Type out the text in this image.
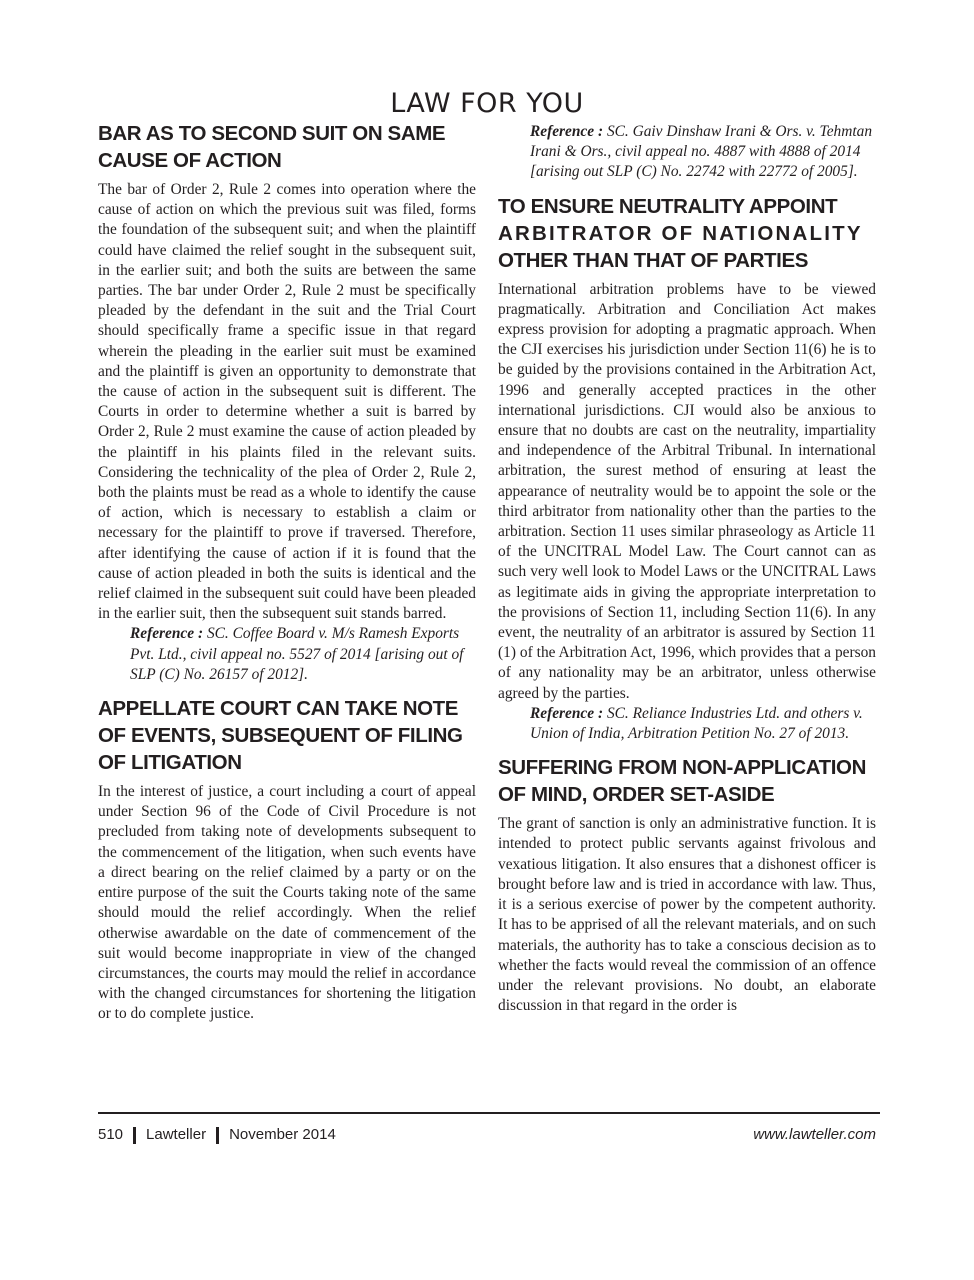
LAW FOR YOU
BAR AS TO SECOND SUIT ON SAME
CAUSE OF ACTION

The bar of Order 2, Rule 2 comes into operation where the cause of action on which the previous suit was filed, forms the foundation of the subsequent suit; and when the plaintiff could have claimed the relief sought in the subsequent suit, in the earlier suit; and both the suits are between the same parties. The bar under Order 2, Rule 2 must be specifically pleaded by the defendant in the suit and the Trial Court should specifically frame a specific issue in that regard wherein the pleading in the earlier suit must be examined and the plaintiff is given an opportunity to demonstrate that the cause of action in the subsequent suit is different. The Courts in order to determine whether a suit is barred by Order 2, Rule 2 must examine the cause of action pleaded by the plaintiff in his plaints filed in the relevant suits. Considering the technicality of the plea of Order 2, Rule 2, both the plaints must be read as a whole to identify the cause of action, which is necessary to establish a claim or necessary for the plaintiff to prove if traversed. Therefore, after identifying the cause of action if it is found that the cause of action pleaded in both the suits is identical and the relief claimed in the subsequent suit could have been pleaded in the earlier suit, then the subsequent suit stands barred.

Reference : SC. Coffee Board v. M/s Ramesh Exports Pvt. Ltd., civil appeal no. 5527 of 2014 [arising out of SLP (C) No. 26157 of 2012].

APPELLATE COURT CAN TAKE NOTE
OF EVENTS, SUBSEQUENT OF FILING
OF LITIGATION

In the interest of justice, a court including a court of appeal under Section 96 of the Code of Civil Procedure is not precluded from taking note of developments subsequent to the commencement of the litigation, when such events have a direct bearing on the relief claimed by a party or on the entire purpose of the suit the Courts taking note of the same should mould the relief accordingly. When the relief otherwise awardable on the date of commencement of the suit would become inappropriate in view of the changed circumstances, the courts may mould the relief in accordance with the changed circumstances for shortening the litigation or to do complete justice.

Reference : SC. Gaiv Dinshaw Irani & Ors. v. Tehmtan Irani & Ors., civil appeal no. 4887 with 4888 of 2014 [arising out SLP (C) No. 22742 with 22772 of 2005].

TO ENSURE NEUTRALITY APPOINT
ARBITRATOR OF NATIONALITY
OTHER THAN THAT OF PARTIES

International arbitration problems have to be viewed pragmatically. Arbitration and Conciliation Act makes express provision for adopting a pragmatic approach. When the CJI exercises his jurisdiction under Section 11(6) he is to be guided by the provisions contained in the Arbitration Act, 1996 and generally accepted practices in the other international jurisdictions. CJI would also be anxious to ensure that no doubts are cast on the neutrality, impartiality and independence of the Arbitral Tribunal. In international arbitration, the surest method of ensuring at least the appearance of neutrality would be to appoint the sole or the third arbitrator from nationality other than the parties to the arbitration. Section 11 uses similar phraseology as Article 11 of the UNCITRAL Model Law. The Court cannot can as such very well look to Model Laws or the UNCITRAL Laws as legitimate aids in giving the appropriate interpretation to the provisions of Section 11, including Section 11(6). In any event, the neutrality of an arbitrator is assured by Section 11 (1) of the Arbitration Act, 1996, which provides that a person of any nationality may be an arbitrator, unless otherwise agreed by the parties.

Reference : SC. Reliance Industries Ltd. and others v. Union of India, Arbitration Petition No. 27 of 2013.

SUFFERING FROM NON-APPLICATION
OF MIND, ORDER SET-ASIDE

The grant of sanction is only an administrative function. It is intended to protect public servants against frivolous and vexatious litigation. It also ensures that a dishonest officer is brought before law and is tried in accordance with law. Thus, it is a serious exercise of power by the competent authority. It has to be apprised of all the relevant materials, and on such materials, the authority has to take a conscious decision as to whether the facts would reveal the commission of an offence under the relevant provisions. No doubt, an elaborate discussion in that regard in the order is

510 Lawteller November 2014	www.lawteller.com
